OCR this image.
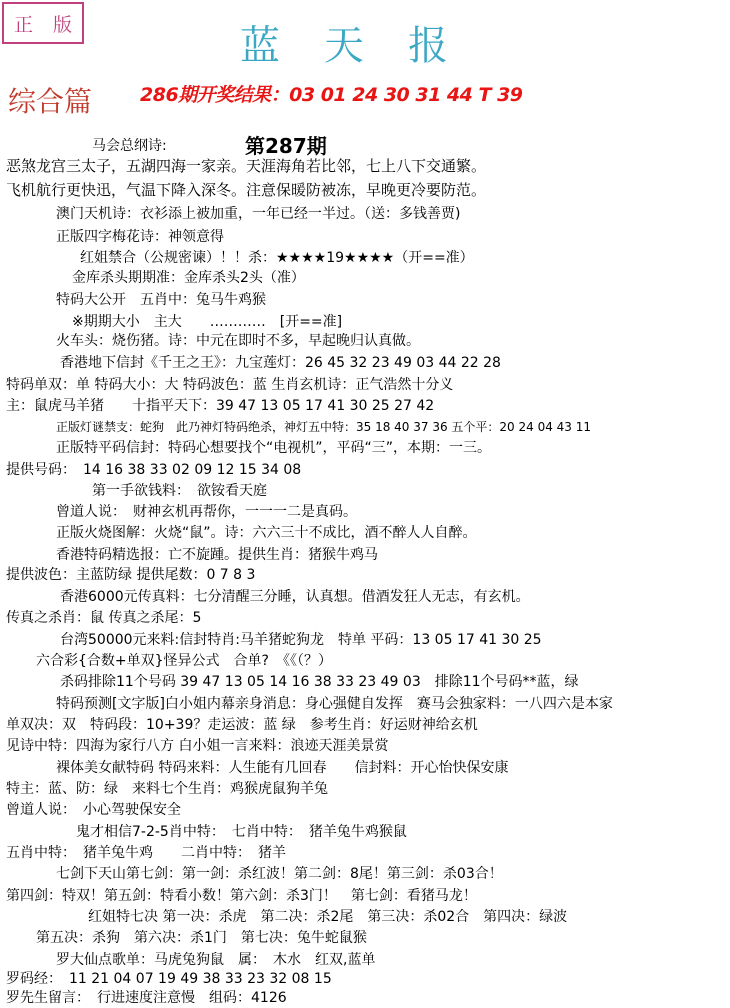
正 版	蓝天报
综合篇	286期开奖结果：03 01 24 30 31 44 T 39
第287期
马会总纲诗:
恶煞龙宫三太子，五湖四海一家亲。天涯海角若比邻，七上八下交通繁。
飞机航行更快迅，气温下降入深冬。注意保暖防被冻，早晚更冷要防范。
澳门天机诗：衣衫添上被加重，一年已经一半过。（送：多钱善贾)
正版四字梅花诗：神领意得
红姐禁合（公规密谏）！！杀：★★★★19★★★★（开==准）
金库杀头期期准：金库杀头2头（准）
特码大公开　五肖中：兔马牛鸡猴
※期期大小　主大　　…………　[开==准]
火车头：烧伤猪。诗：中元在即时不多，早起晚归认真做。
香港地下信封《千王之王》：九宝莲灯：26 45 32 23 49 03 44 22 28
特码单双：单 特码大小：大 特码波色：蓝 生肖玄机诗：正气浩然十分义
主：鼠虎马羊猪　　十指平天下：39 47 13 05 17 41 30 25 27 42
正版灯谜禁支：蛇狗　此乃神灯特码绝杀，神灯五中特：35 18 40 37 36 五个平：20 24 04 43 11
正版特平码信封：特码心想要找个“电视机”，平码“三”，本期：一三。
提供号码：　14 16 38 33 02 09 12 15 34 08
第一手欲钱料：　欲铵看天庭
曾道人说：　财神玄机再帮你，一一一二是真码。
正版火烧图解：火烧“鼠”。诗：六六三十不成比，酒不醉人人自醉。
香港特码精选报：亡不旋踵。提供生肖：猪猴牛鸡马
提供波色：主蓝防绿 提供尾数：0 7 8 3
香港6000元传真料：七分清醒三分睡，认真想。借酒发狂人无志，有玄机。
传真之杀肖：鼠 传真之杀尾：5
台湾50000元来料:信封特肖:马羊猪蛇狗龙　特单 平码：13 05 17 41 30 25
六合彩{合数+单双}怪异公式　合单?　《《（？）
杀码排除11个号码 39 47 13 05 14 16 38 33 23 49 03　排除11个号码**蓝，绿
特码预测[文字版]白小姐内幕亲身消息：身心强健自发挥　赛马会独家料：一八四六是本家
单双决：双　特码段：10+39？走运波：蓝 绿　参考生肖：好运财神给玄机
见诗中特：四海为家行八方 白小姐一言来料：浪迹天涯美景赏
裸体美女献特码 特码来料：人生能有几回春　　信封料：开心怡快保安康
特主：蓝、防：绿　来料七个生肖：鸡猴虎鼠狗羊兔
曾道人说：　小心驾驶保安全
鬼才相信7-2-5肖中特：　七肖中特：　猪羊兔牛鸡猴鼠
五肖中特：　猪羊兔牛鸡　　二肖中特：　猪羊
七剑下天山第七剑：第一剑：杀红波！第二剑：8尾！第三剑：杀03合！
第四剑：特双！第五剑：特看小数！第六剑：杀3门！　第七剑：看猪马龙！
红姐特七决 第一决：杀虎　第二决：杀2尾　第三决：杀02合　第四决：绿波
第五决：杀狗　第六决：杀1门　第七决：兔牛蛇鼠猴
罗大仙点歌单：马虎兔狗鼠　属：　木水　红双,蓝单
罗码经：　11 21 04 07 19 49 38 33 23 32 08 15
罗先生留言：　行进速度注意慢　组码：4126
